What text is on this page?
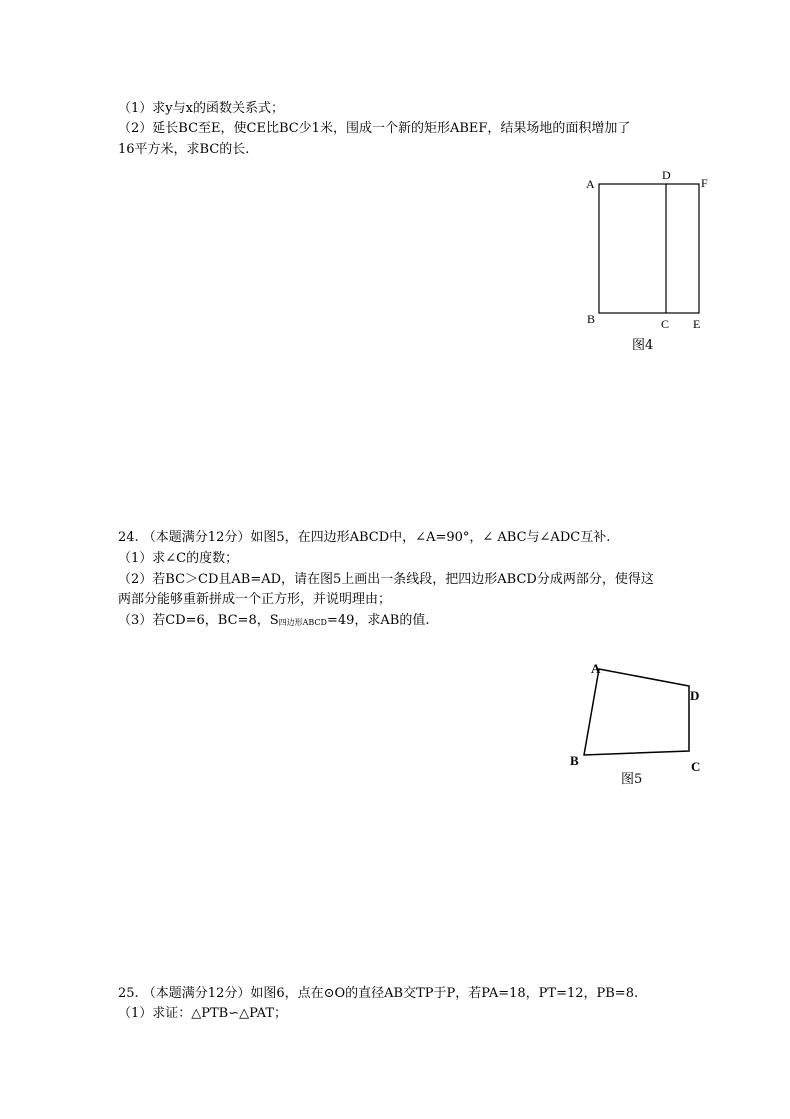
（1）求y与x的函数关系式；
（2）延长BC至E，使CE比BC少1米，围成一个新的矩形ABEF，结果场地的面积增加了
16平方米，求BC的长.
A
D
F
B	C E
图4
24. （本题满分12分）如图5，在四边形ABCD中，∠A=90°，∠ ABC与∠ADC互补.
（1）求∠C的度数；
（2）若BC＞CD且AB=AD，请在图5上画出一条线段，把四边形ABCD分成两部分，使得这
两部分能够重新拼成一个正方形，并说明理由；
（3）若CD=6，BC=8，$S_{四边形ABCD}=49$，求AB的值.
A
D
B	C
图5
25. （本题满分12分）如图6，点在⊙O的直径AB交TP于P，若PA=18，PT=12，PB=8.
（1）求证：△PTB∽△PAT；
